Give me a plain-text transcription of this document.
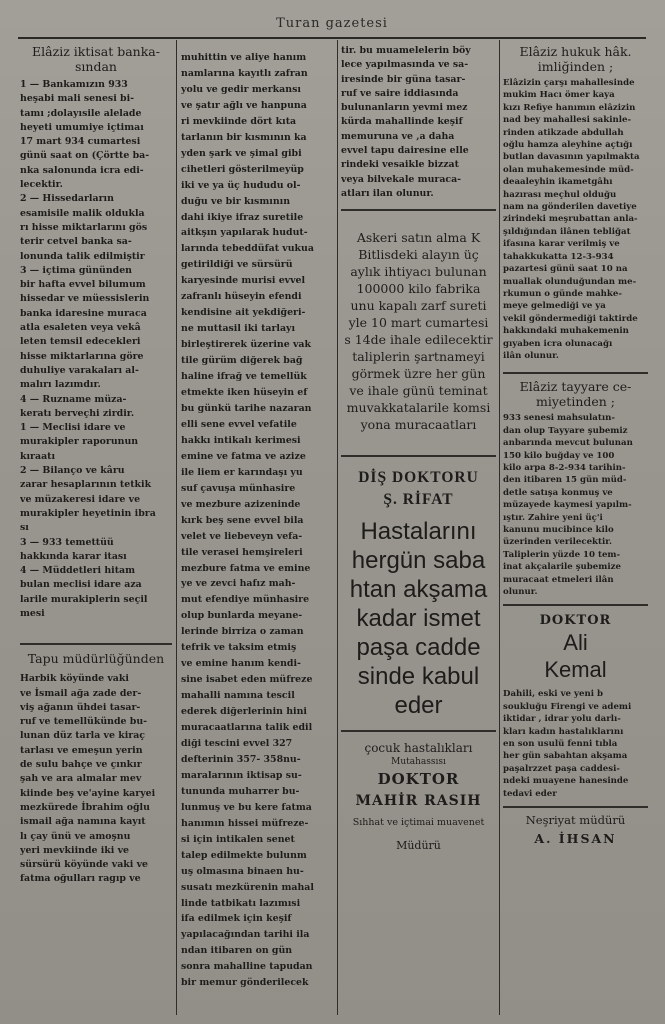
Turan gazetesi
Elâziz iktisat banka-
sından

1 — Bankamızın 933

heşabi mali senesi bi-

tamı ;dolayısile alelade

heyeti umumiye içtimaı

17 mart 934 cumartesi

günü saat on (Çörtte ba-

nka salonunda icra edi-

lecektir.

2 — Hissedarların

esamisile malik oldukla

rı hisse miktarlarını gös

terir cetvel banka sa-

lonunda talik edilmiştir

3 — içtima gününden

bir hafta evvel bilumum

hissedar ve müessislerin

banka idaresine muraca

atla esaleten veya vekâ

leten temsil edecekleri

hisse miktarlarına göre

duhuliye varakaları al-

malırı lazımdır.

4 — Ruzname müza-

keratı berveçhi zirdir.

1 — Meclisi idare ve

murakipler raporunun

kıraatı

2 — Bilanço ve kâru

zarar hesaplarının tetkik

ve müzakeresi idare ve

murakipler heyetinin ibra

sı

3 — 933 temettüü

hakkında karar itası

4 — Müddetleri hitam

bulan meclisi idare aza

larile murakiplerin seçil

mesi

Tapu müdürlüğünden

Harbik köyünde vaki

ve İsmail ağa zade der-

viş ağanın ühdei tasar-

ruf ve temellükünde bu-

lunan düz tarla ve kiraç

tarlası ve emeşun yerin

de sulu bahçe ve çınkır

şah ve ara almalar mev

kiinde beş ve'ayine karyei

mezkürede İbrahim oğlu

ismail ağa namına kayıt

lı çay ünü ve amoşnu

yeri mevkiinde iki ve

sürsürü köyünde vaki ve

fatma oğulları ragıp ve

muhittin ve aliye hanım

namlarına kayıtlı zafran

yolu ve gedir merkansı

ve şatır ağlı ve hanpuna

ri mevkiinde dört kıta

tarlanın bir kısmının ka

yden şark ve şimal gibi

cihetleri gösterilmeyüp

iki ve ya üç hududu ol-

duğu ve bir kısmının

dahi ikiye ifraz suretile

aitkşın yapılarak hudut-

larında tebeddüfat vukua

getirildiği ve sürsürü

karyesinde murisi evvel

zafranlı hüseyin efendi

kendisine ait yekdiğeri-

ne muttasil iki tarlayı

birleştirerek üzerine vak

tile gürüm diğerek bağ

haline ifrağ ve temellük

etmekte iken hüseyin ef

bu günkü tarihe nazaran

elli sene evvel vefatile

hakkı intikalı kerimesi

emine ve fatma ve azize

ile liem er karındaşı yu

suf çavuşa münhasire

ve mezbure azizeninde

kırk beş sene evvel bila

velet ve liebeveyn vefa-

tile verasei hemşireleri

mezbure fatma ve emine

ye ve zevci hafız mah-

mut efendiye münhasire

olup bunlarda meyane-

lerinde birriza o zaman

tefrik ve taksim etmiş

ve emine hanım kendi-

sine isabet eden müfreze

mahalli namına tescil

ederek diğerlerinin hini

muracaatlarına talik edil

diği tescini evvel 327

defterinin 357- 358nu-

maralarının iktisap su-

tununda muharrer bu-

lunmuş ve bu kere fatma

hanımın hissei müfreze-

si için intikalen senet

talep edilmekte bulunm

uş olmasına binaen hu-

susatı mezkürenin mahal

linde tatbikatı lazımısi

ifa edilmek için keşif

yapılacağından tarihi ila

ndan itibaren on gün

sonra mahalline tapudan

bir memur gönderilecek

tir. bu muamelelerin böy

lece yapılmasında ve sa-

iresinde bir güna tasar-

ruf ve saire iddiasında

bulunanların yevmi mez

kürda mahallinde keşif

memuruna ve ,a daha

evvel tapu dairesine elle

rindeki vesaikle bizzat

veya bilvekale muraca-

atları ilan olunur.

Askeri satın alma K

Bitlisdeki alayın üç

aylık ihtiyacı bulunan

100000 kilo fabrika

unu kapalı zarf sureti

yle 10 mart cumartesi

s 14de ihale edilecektir

taliplerin şartnameyi

görmek üzre her gün

ve ihale günü teminat

muvakkatalarile komsi

yona muracaatları

DİŞ DOKTORU
Ş. RİFAT

Hastalarını

hergün saba

htan akşama

kadar ismet

paşa cadde

sinde kabul

eder

çocuk hastalıkları

Mutahassısı

DOKTOR

MAHİR RASIH

Sıhhat ve içtimai muavenet

Müdürü

Elâziz hukuk hâk.
imliğinden ;

Elâzizin çarşı mahallesinde

mukim Hacı ömer kaya

kızı Refiye hanımın elâzizin

nad bey mahallesi sakinle-

rinden atikzade abdullah

oğlu hamza aleyhine açtığı

butlan davasının yapılmakta

olan muhakemesinde müd-

deaaleyhin ikametgâhı

hazırası meçhul olduğu

nam na gönderilen davetiye

zirindeki meşrubattan anla-

şıldığından ilânen tebliğat

ifasına karar verilmiş ve

tahakkukatta 12-3-934

pazartesi günü saat 10 na

muallak olunduğundan me-

rkumun o günde mahke-

meye gelmediği ve ya

vekil göndermediği taktirde

hakkındaki muhakemenin

gıyaben icra olunacağı

ilân olunur.

Elâziz tayyare ce-
miyetinden ;

933 senesi mahsulatın-

dan olup Tayyare şubemiz

anbarında mevcut bulunan

150 kilo buğday ve 100

kilo arpa 8-2-934 tarihin-

den itibaren 15 gün müd-

detle satışa konmuş ve

müzayede kaymesi yapılm-

ıştır. Zahire yeni üç'i

kanunu mucibince kilo

üzerinden verilecektir.

Taliplerin yüzde 10 tem-

inat akçalarile şubemize

muracaat etmeleri ilân

olunur.

DOKTOR

Ali

Kemal

Dahili, eski ve yeni b

soukluğu Firengi ve ademi

iktidar , idrar yolu darlı-

kları kadın hastalıklarını

en son usulü fenni tıbla

her gün sabahtan akşama

paşalrzzet paşa caddesi-

ndeki muayene hanesinde

tedavi eder

Neşriyat müdürü

A. İHSAN
